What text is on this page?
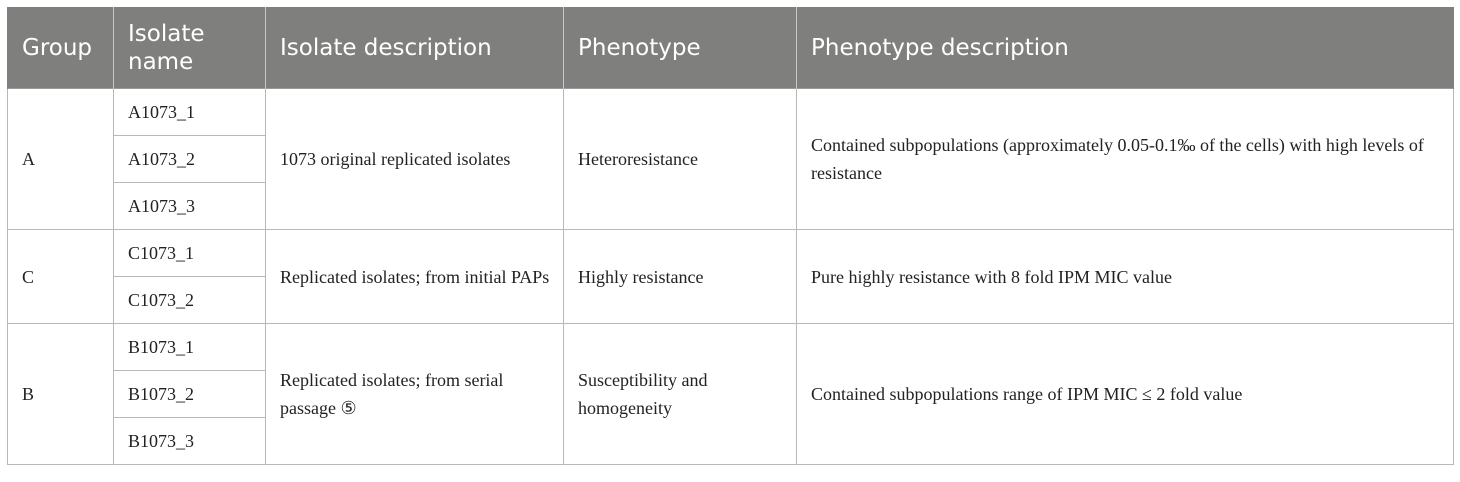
Group	Isolate name	Isolate description	Phenotype	Phenotype description
A	A1073_1	1073 original replicated isolates	Heteroresistance	Contained subpopulations (approximately 0.05-0.1‰ of the cells) with high levels of resistance
	A1073_2			
	A1073_3			
C	C1073_1	Replicated isolates; from initial PAPs	Highly resistance	Pure highly resistance with 8 fold IPM MIC value
	C1073_2			
B	B1073_1	Replicated isolates; from serial passage ⑤	Susceptibility and homogeneity	Contained subpopulations range of IPM MIC ≤ 2 fold value
	B1073_2			
	B1073_3			
